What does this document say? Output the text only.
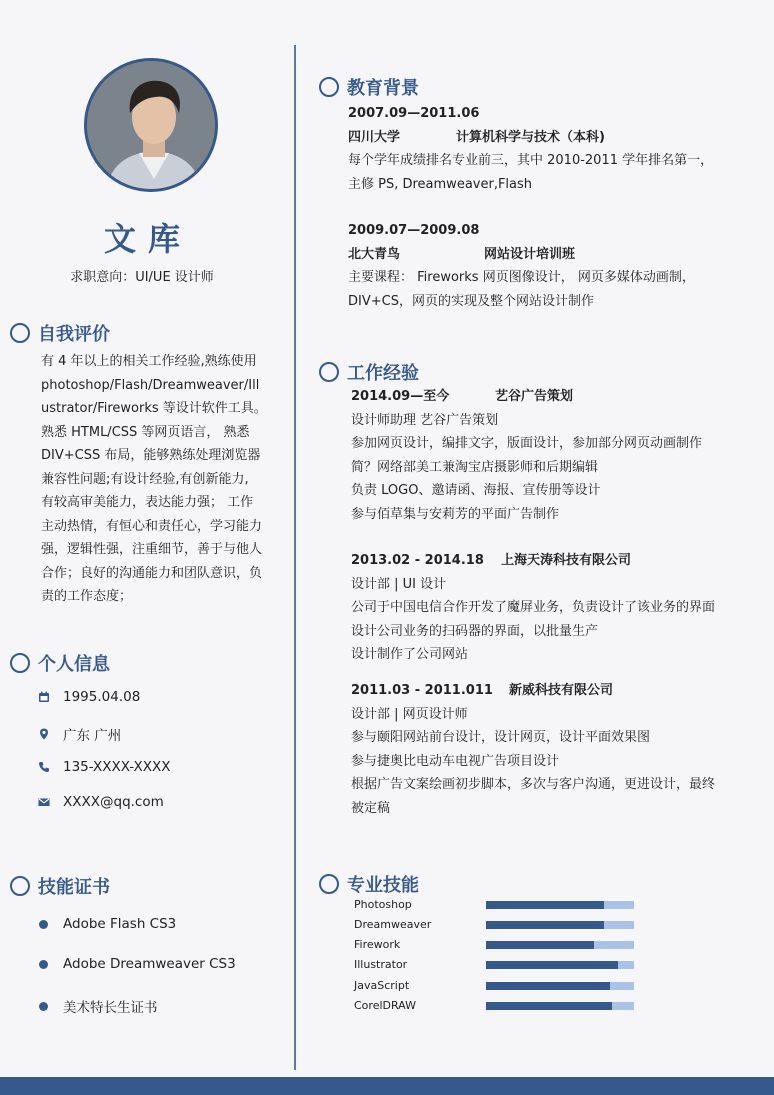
文库
求职意向：UI/UE 设计师
自我评价
有 4 年以上的相关工作经验,熟练使用
photoshop/Flash/Dreamweaver/Ill
ustrator/Fireworks 等设计软件工具。
熟悉 HTML/CSS 等网页语言， 熟悉
DIV+CSS 布局，能够熟练处理浏览器
兼容性问题;有设计经验,有创新能力,
有较高审美能力，表达能力强； 工作
主动热情，有恒心和责任心，学习能力
强，逻辑性强，注重细节，善于与他人
合作；良好的沟通能力和团队意识，负
责的工作态度；
个人信息
1995.04.08
广东 广州
135-XXXX-XXXX
XXXX@qq.com
技能证书
Adobe Flash CS3
Adobe Dreamweaver CS3
美术特长生证书
教育背景
2007.09—2011.06
四川大学	计算机科学与技术（本科)
每个学年成绩排名专业前三，其中 2010-2011 学年排名第一，
主修 PS, Dreamweaver,Flash
2009.07—2009.08
北大青鸟	网站设计培训班
主要课程： Fireworks 网页图像设计， 网页多媒体动画制，
DIV+CS，网页的实现及整个网站设计制作
工作经验
2014.09—至今	艺谷广告策划
设计师助理 艺谷广告策划
参加网页设计，编排文字，版面设计，参加部分网页动画制作
简？网络部美工兼淘宝店摄影师和后期编辑
负责 LOGO、邀请函、海报、宣传册等设计
参与佰草集与安莉芳的平面广告制作
2013.02 - 2014.18 上海天涛科技有限公司
设计部 | UI 设计
公司于中国电信合作开发了魔屏业务，负责设计了该业务的界面
设计公司业务的扫码器的界面，以批量生产
设计制作了公司网站
2011.03 - 2011.011 新威科技有限公司
设计部 | 网页设计师
参与颐阳网站前台设计，设计网页，设计平面效果图
参与捷奥比电动车电视广告项目设计
根据广告文案绘画初步脚本，多次与客户沟通，更进设计，最终
被定稿
专业技能
Photoshop
Dreamweaver
Firework
Illustrator
JavaScript
CorelDRAW
